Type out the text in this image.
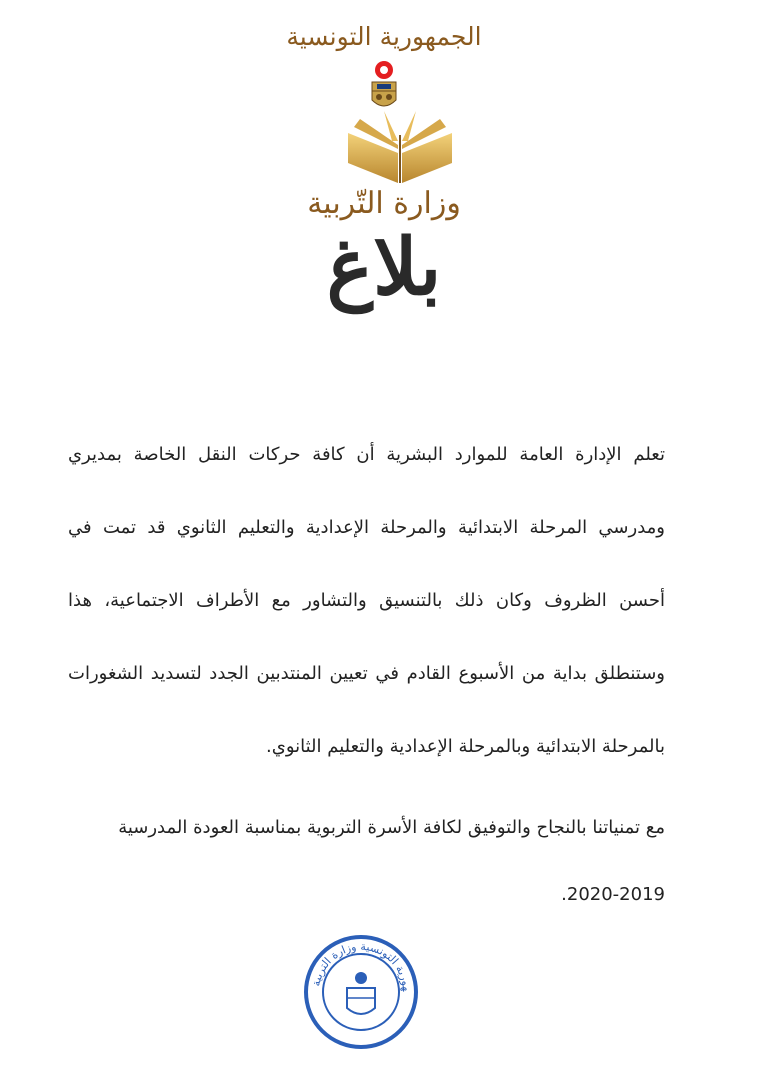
الجمهورية التونسية
وزارة التّربية
بلاغ
تعلم الإدارة العامة للموارد البشرية أن كافة حركات النقل الخاصة بمديري ومدرسي المرحلة الابتدائية والمرحلة الإعدادية والتعليم الثانوي قد تمت في أحسن الظروف وكان ذلك بالتنسيق والتشاور مع الأطراف الاجتماعية، هذا وستنطلق بداية من الأسبوع القادم في تعيين المنتدبين الجدد لتسديد الشغورات بالمرحلة الابتدائية وبالمرحلة الإعدادية والتعليم الثانوي.
مع تمنياتنا بالنجاح والتوفيق لكافة الأسرة التربوية بمناسبة العودة المدرسية
2020-2019.
هورية التونسية وزارة التربية
